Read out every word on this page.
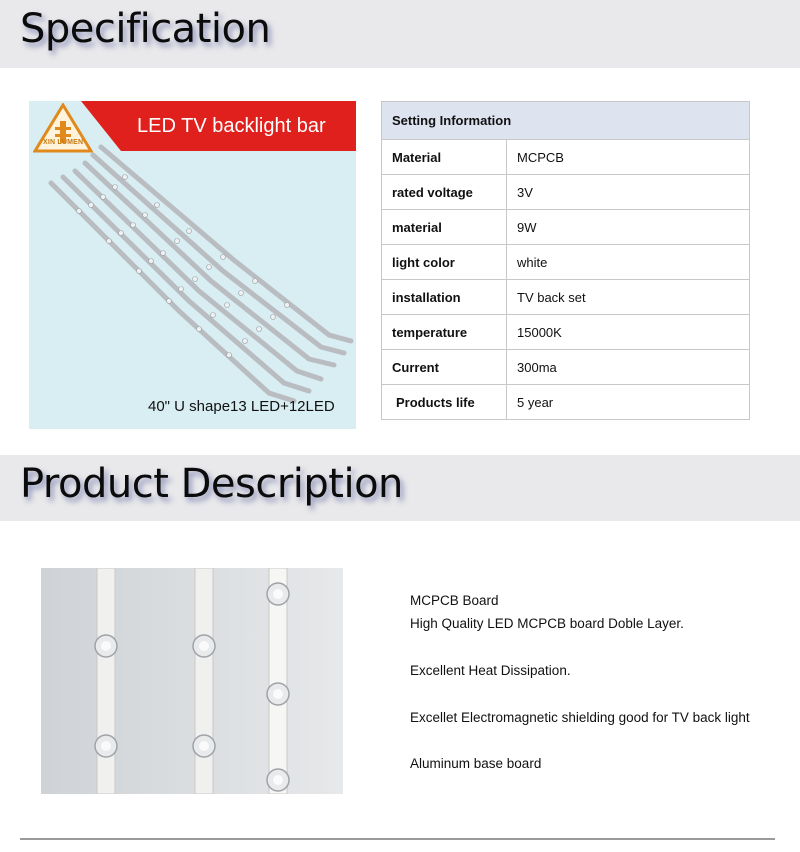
Specification
LED TV backlight bar
XIN LUMEN
40" U shape13 LED+12LED
Setting Information	
Material	MCPCB
rated voltage	3V
material	9W
light color	white
installation	TV back set
temperature	15000K
Current	300ma
Products life	5 year
Product Description
MCPCB Board
High Quality LED MCPCB board Doble Layer.
Excellent Heat Dissipation.
Excellet Electromagnetic shielding good for TV back light
Aluminum base board
